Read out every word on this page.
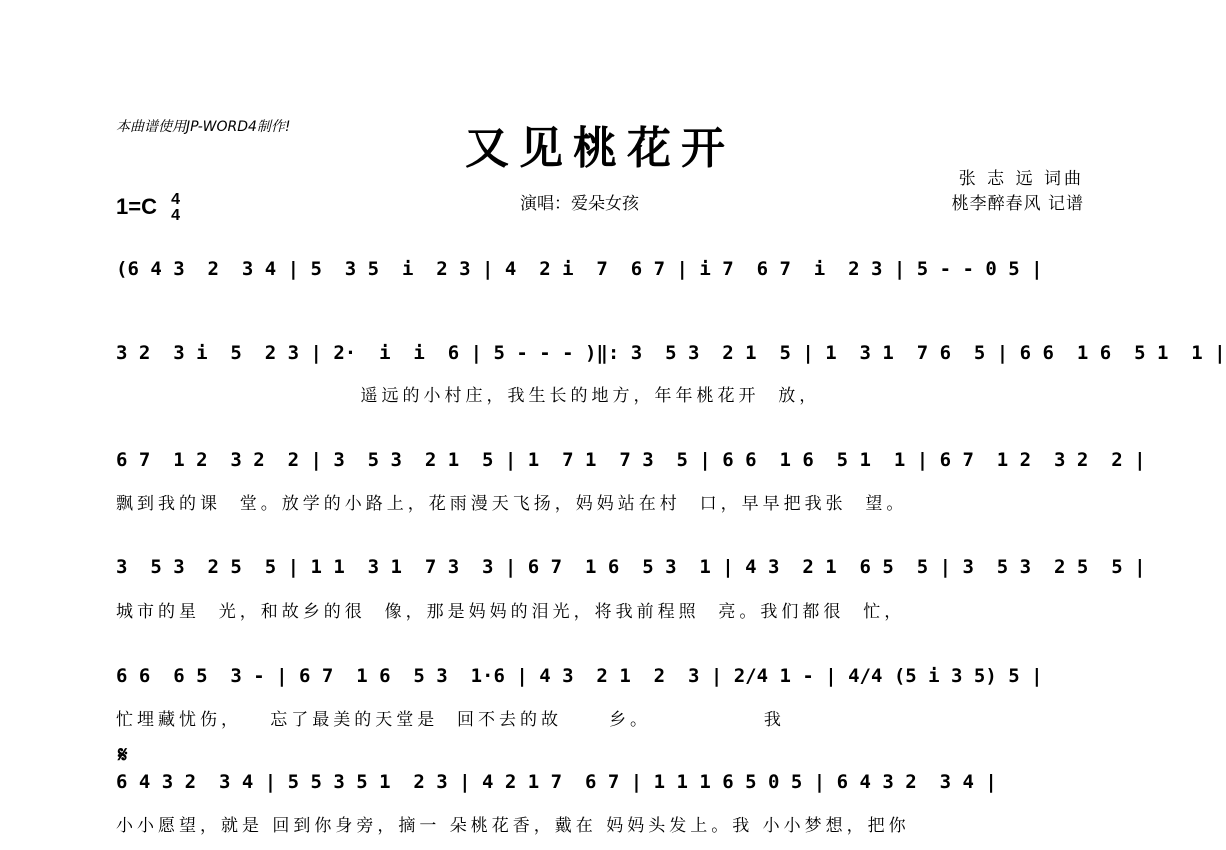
本曲谱使用JP-WORD4制作!	又见桃花开
1=C 4
4
演唱：爱朵女孩
张 志 远 词曲
桃李醉春风 记谱
(6 4 3  2  3 4 | 5  3 5  i  2 3 | 4  2 i  7  6 7 | i 7  6 7  i  2 3 | 5 - - 0 5 |
3 2  3 i  5  2 3 | 2·  i  i  6 | 5 - - - )‖: 3  5 3  2 1  5 | 1  3 1  7 6  5 | 6 6  1 6  5 1  1 |
遥远的小村庄，我生长的地方，年年桃花开  放，
6 7  1 2  3 2  2 | 3  5 3  2 1  5 | 1  7 1  7 3  5 | 6 6  1 6  5 1  1 | 6 7  1 2  3 2  2 |
飘到我的课  堂。放学的小路上，花雨漫天飞扬，妈妈站在村  口，早早把我张  望。
3  5 3  2 5  5 | 1 1  3 1  7 3  3 | 6 7  1 6  5 3  1 | 4 3  2 1  6 5  5 | 3  5 3  2 5  5 |
城市的星  光，和故乡的很  像，那是妈妈的泪光，将我前程照  亮。我们都很  忙，
6 6  6 5  3 - | 6 7  1 6  5 3  1·6 | 4 3  2 1  2  3 | 2/4 1 - | 4/4 (5 i 3 5) 5 |
忙埋藏忧伤，   忘了最美的天堂是  回不去的故     乡。            我
𝄋
6 4 3 2  3 4 | 5 5 3 5 1  2 3 | 4 2 1 7  6 7 | 1 1 1 6 5 0 5 | 6 4 3 2  3 4 |
小小愿望，就是 回到你身旁，摘一 朵桃花香，戴在 妈妈头发上。我 小小梦想，把你
